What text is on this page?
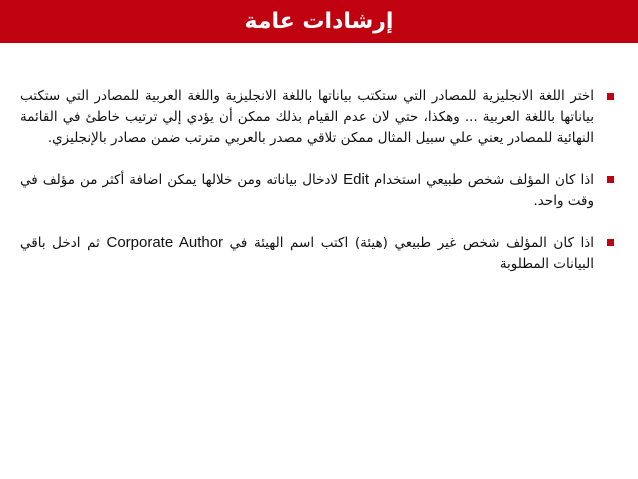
إرشادات عامة
اختر اللغة الانجليزية للمصادر التي ستكتب بياناتها باللغة الانجليزية واللغة العربية للمصادر التي ستكتب بياناتها باللغة العربية ... وهكذا، حتي لان عدم القيام بذلك ممكن أن يؤدي إلي ترتيب خاطئ في القائمة النهائية للمصادر يعني علي سبيل المثال ممكن تلاقي مصدر بالعربي مترتب ضمن مصادر بالإنجليزي.
اذا كان المؤلف شخص طبيعي استخدام Edit لادخال بياناته ومن خلالها يمكن اضافة أكثر من مؤلف في وقت واحد.
اذا كان المؤلف شخص غير طبيعي (هيئة) اكتب اسم الهيئة في Corporate Author ثم ادخل باقي البيانات المطلوبة
